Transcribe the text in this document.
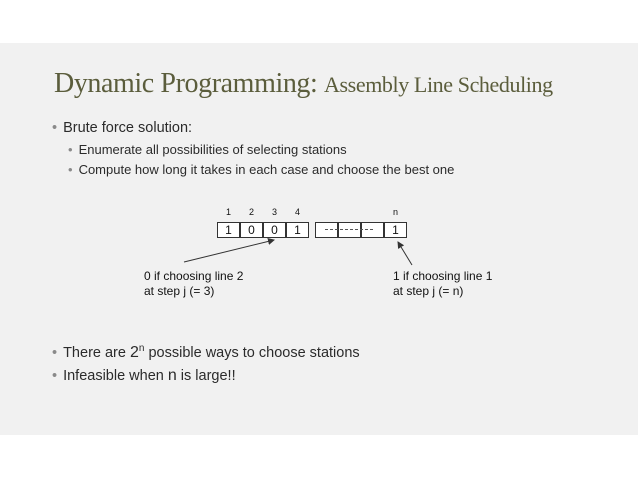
Dynamic Programming: Assembly Line Scheduling
• Brute force solution:
• Enumerate all possibilities of selecting stations
• Compute how long it takes in each case and choose the best one
1	2	3	4	n
1	0	0	1	1
0 if choosing line 2
at step j (= 3)
1 if choosing line 1
at step j (= n)
• There are 2$^n$ possible ways to choose stations
• Infeasible when n is large!!
